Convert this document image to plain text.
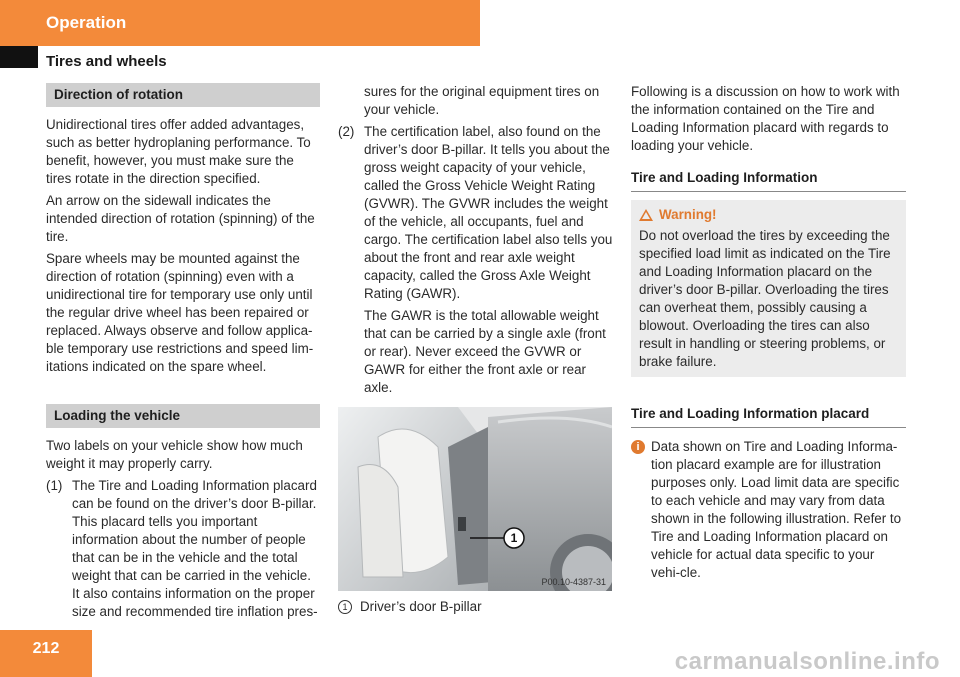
Operation
Tires and wheels
Direction of rotation

Unidirectional tires offer added advantages, such as better hydroplaning performance. To benefit, however, you must make sure the tires rotate in the direction specified.

An arrow on the sidewall indicates the intended direction of rotation (spinning) of the tire.

Spare wheels may be mounted against the direction of rotation (spinning) even with a unidirectional tire for temporary use only until the regular drive wheel has been repaired or replaced. Always observe and follow applica-ble temporary use restrictions and speed lim-itations indicated on the spare wheel.

Loading the vehicle

Two labels on your vehicle show how much weight it may properly carry.

(1) The Tire and Loading Information placard can be found on the driver’s door B-pillar. This placard tells you important information about the number of people that can be in the vehicle and the total weight that can be carried in the vehicle. It also contains information on the proper size and recommended tire inflation pres-

sures for the original equipment tires on your vehicle.

(2) The certification label, also found on the driver’s door B-pillar. It tells you about the gross weight capacity of your vehicle, called the Gross Vehicle Weight Rating (GVWR). The GVWR includes the weight of the vehicle, all occupants, fuel and cargo. The certification label also tells you about the front and rear axle weight capacity, called the Gross Axle Weight Rating (GAWR).

The GAWR is the total allowable weight that can be carried by a single axle (front or rear). Never exceed the GVWR or GAWR for either the front axle or rear axle.

1
P00.10-4387-31
1 Driver’s door B-pillar

Following is a discussion on how to work with the information contained on the Tire and Loading Information placard with regards to loading your vehicle.

Tire and Loading Information
Warning!
Do not overload the tires by exceeding the specified load limit as indicated on the Tire and Loading Information placard on the driver’s door B-pillar. Overloading the tires can overheat them, possibly causing a blowout. Overloading the tires can also result in handling or steering problems, or brake failure.
Tire and Loading Information placard
i Data shown on Tire and Loading Informa-tion placard example are for illustration purposes only. Load limit data are specific to each vehicle and may vary from data shown in the following illustration. Refer to Tire and Loading Information placard on vehicle for actual data specific to your vehi-cle.
212	carmanualsonline.info
